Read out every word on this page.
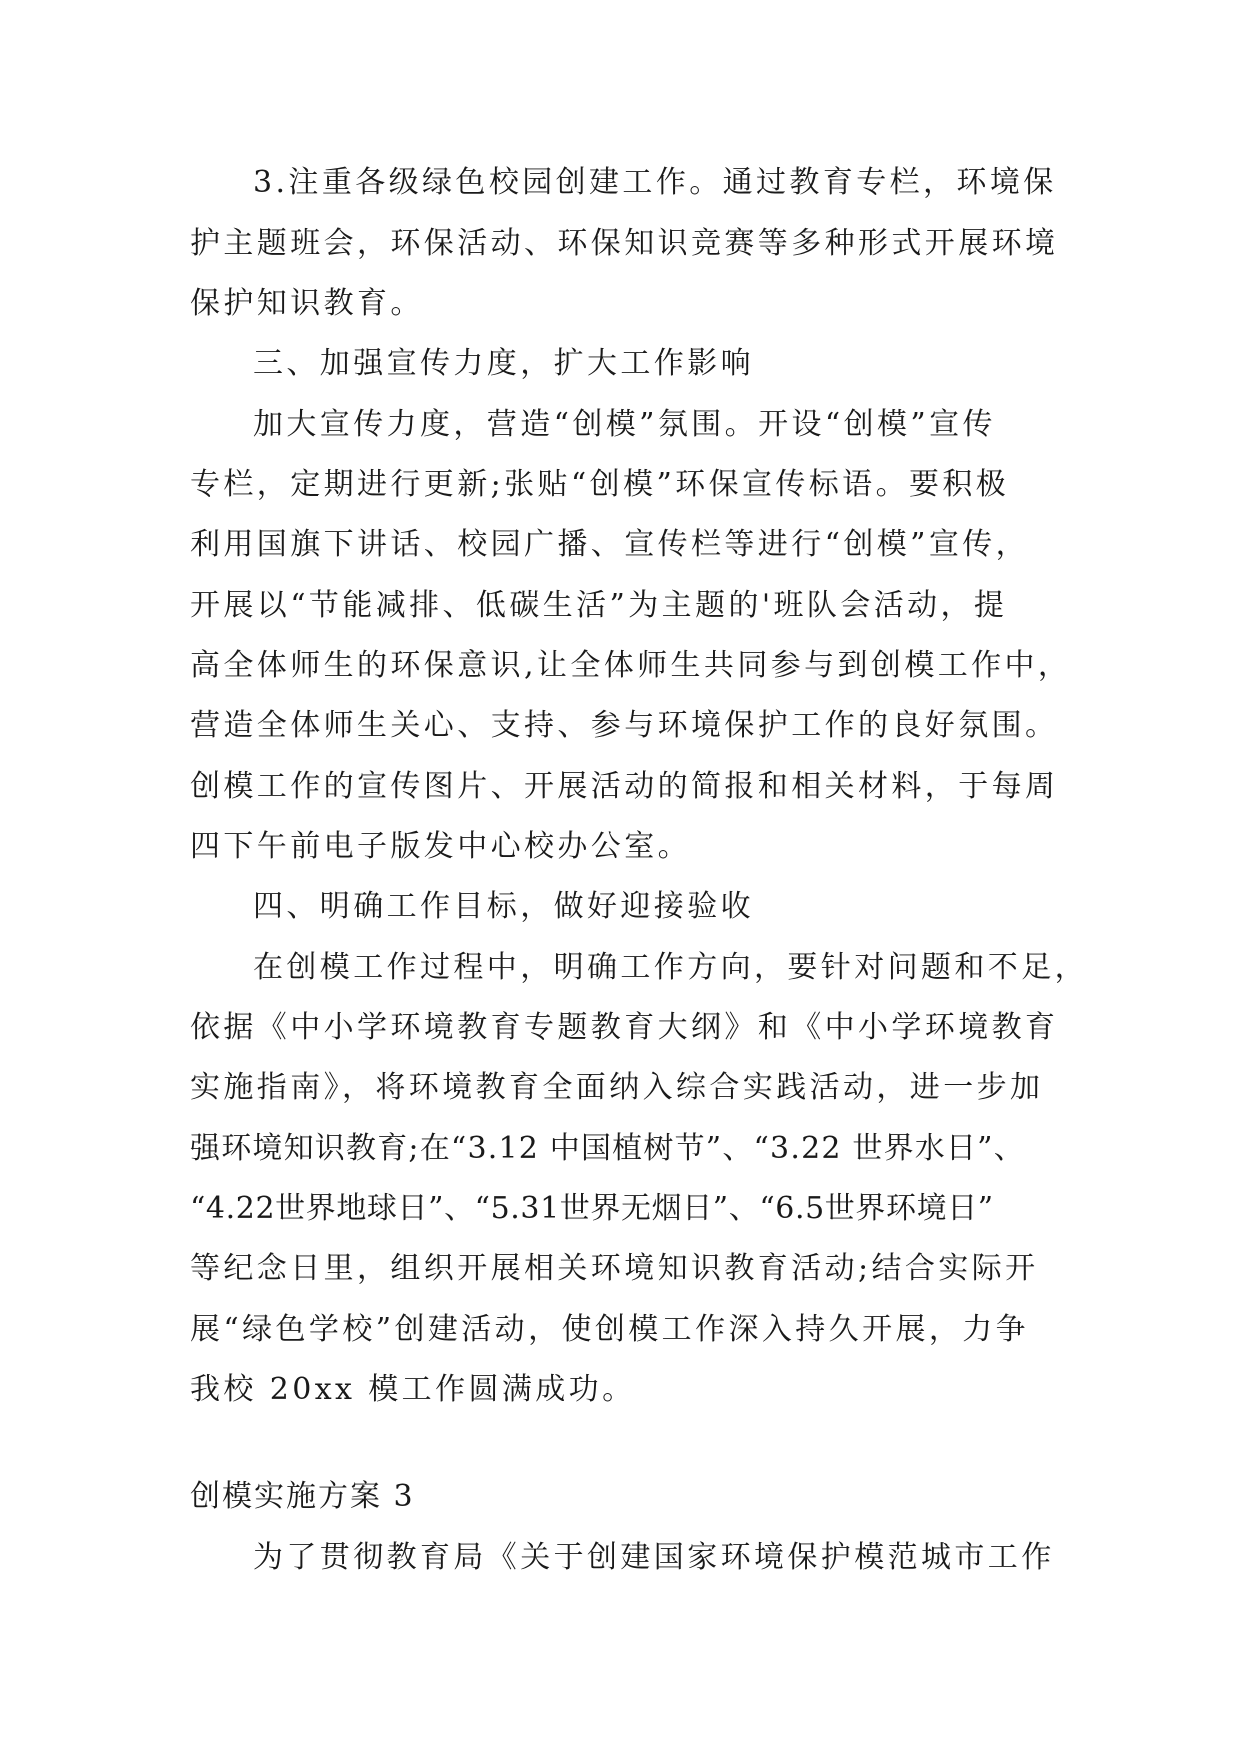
3.注重各级绿色校园创建工作。通过教育专栏，环境保
护主题班会，环保活动、环保知识竞赛等多种形式开展环境
保护知识教育。
三、加强宣传力度，扩大工作影响
加大宣传力度，营造“创模”氛围。开设“创模”宣传
专栏，定期进行更新;张贴“创模”环保宣传标语。要积极
利用国旗下讲话、校园广播、宣传栏等进行“创模”宣传，
开展以“节能减排、低碳生活”为主题的'班队会活动，提
高全体师生的环保意识,让全体师生共同参与到创模工作中，
营造全体师生关心、支持、参与环境保护工作的良好氛围。
创模工作的宣传图片、开展活动的简报和相关材料，于每周
四下午前电子版发中心校办公室。
四、明确工作目标，做好迎接验收
在创模工作过程中，明确工作方向，要针对问题和不足，
依据《中小学环境教育专题教育大纲》和《中小学环境教育
实施指南》，将环境教育全面纳入综合实践活动，进一步加
强环境知识教育;在“3.12 中国植树节”、“3.22 世界水日”、
“4.22世界地球日”、“5.31世界无烟日”、“6.5世界环境日”
等纪念日里，组织开展相关环境知识教育活动;结合实际开
展“绿色学校”创建活动，使创模工作深入持久开展，力争
我校 20xx 模工作圆满成功。
创模实施方案 3
为了贯彻教育局《关于创建国家环境保护模范城市工作
